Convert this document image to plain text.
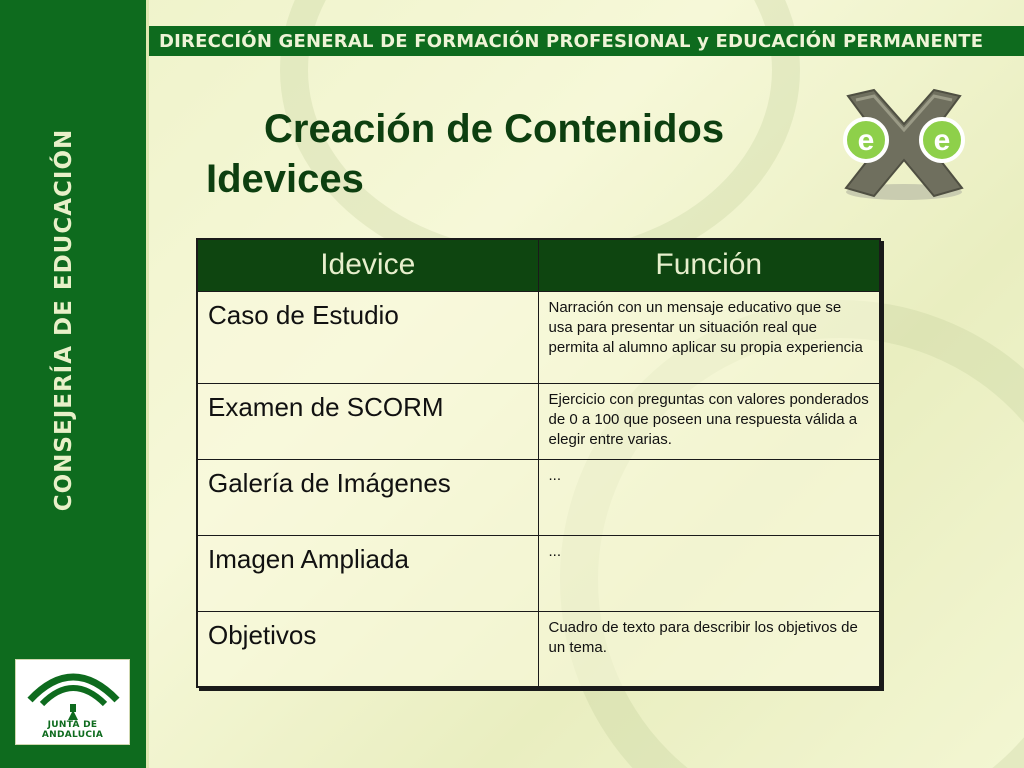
CONSEJERÍA DE EDUCACIÓN
JUNTA DE ANDALUCIA
DIRECCIÓN GENERAL DE FORMACIÓN PROFESIONAL y EDUCACIÓN PERMANENTE
Creación de Contenidos
Idevices
e e
Idevice	Función
Caso de Estudio	Narración con un mensaje educativo que se usa para presentar un situación real que permita al alumno aplicar su propia experiencia
Examen de SCORM	Ejercicio con preguntas con valores ponderados de 0 a 100 que poseen una respuesta válida a elegir entre varias.
Galería de Imágenes	...
Imagen Ampliada	...
Objetivos	Cuadro de texto para describir los objetivos de un tema.
